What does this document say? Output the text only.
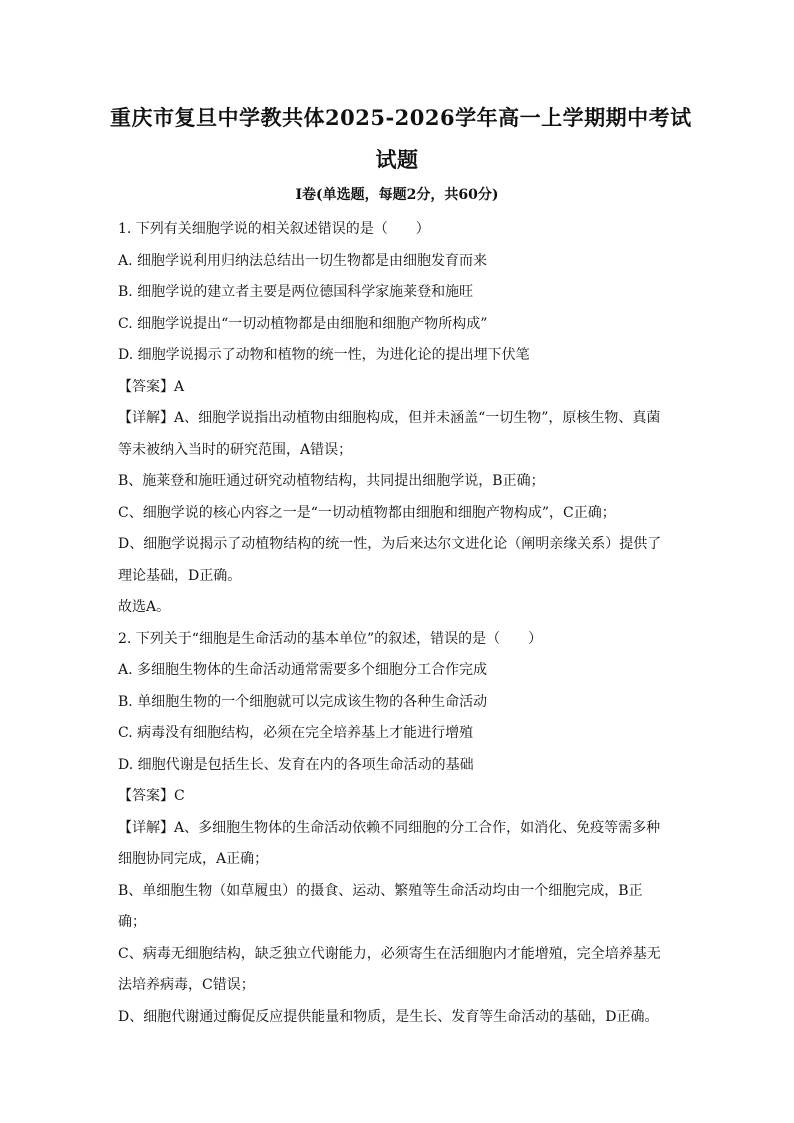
重庆市复旦中学教共体2025-2026学年高一上学期期中考试
试题
I卷(单选题，每题2分，共60分)
1. 下列有关细胞学说的相关叙述错误的是（　　）
A. 细胞学说利用归纳法总结出一切生物都是由细胞发育而来
B. 细胞学说的建立者主要是两位德国科学家施莱登和施旺
C. 细胞学说提出“一切动植物都是由细胞和细胞产物所构成”
D. 细胞学说揭示了动物和植物的统一性，为进化论的提出埋下伏笔
【答案】A
【详解】A、细胞学说指出动植物由细胞构成，但并未涵盖“一切生物”，原核生物、真菌
等未被纳入当时的研究范围，A错误；
B、施莱登和施旺通过研究动植物结构，共同提出细胞学说，B正确；
C、细胞学说的核心内容之一是“一切动植物都由细胞和细胞产物构成”，C正确；
D、细胞学说揭示了动植物结构的统一性，为后来达尔文进化论（阐明亲缘关系）提供了
理论基础，D正确。
故选A。
2. 下列关于“细胞是生命活动的基本单位”的叙述，错误的是（　　）
A. 多细胞生物体的生命活动通常需要多个细胞分工合作完成
B. 单细胞生物的一个细胞就可以完成该生物的各种生命活动
C. 病毒没有细胞结构，必须在完全培养基上才能进行增殖
D. 细胞代谢是包括生长、发育在内的各项生命活动的基础
【答案】C
【详解】A、多细胞生物体的生命活动依赖不同细胞的分工合作，如消化、免疫等需多种
细胞协同完成，A正确；
B、单细胞生物（如草履虫）的摄食、运动、繁殖等生命活动均由一个细胞完成，B正
确；
C、病毒无细胞结构，缺乏独立代谢能力，必须寄生在活细胞内才能增殖，完全培养基无
法培养病毒，C错误；
D、细胞代谢通过酶促反应提供能量和物质，是生长、发育等生命活动的基础，D正确。
